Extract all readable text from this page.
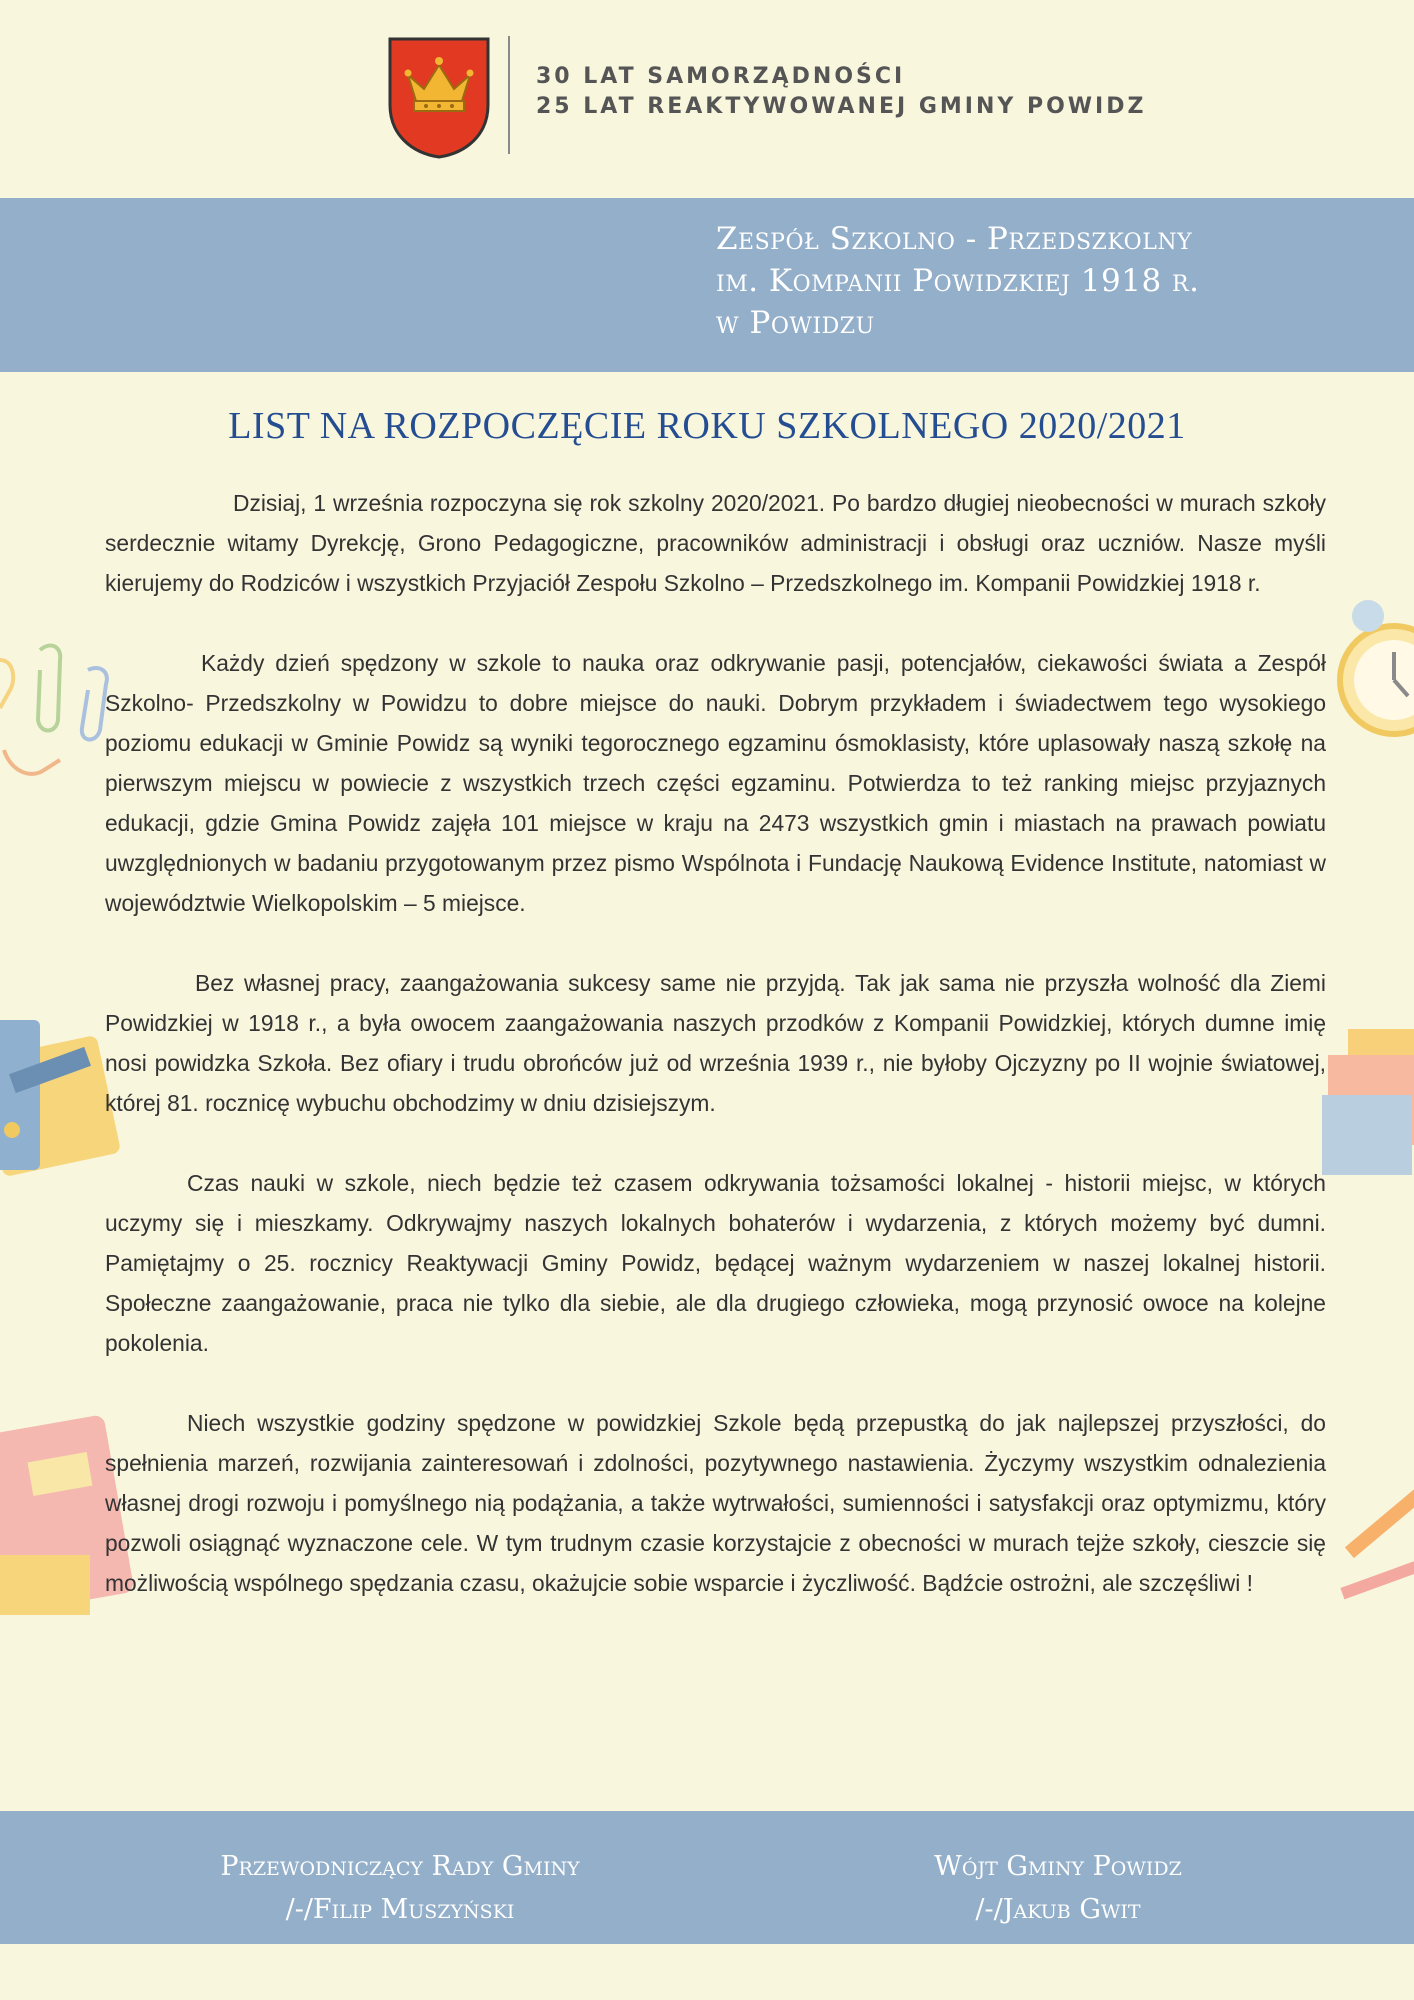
30 LAT SAMORZĄDNOŚCI
25 LAT REAKTYWOWANEJ GMINY POWIDZ
Zespół Szkolno - Przedszkolny
im. Kompanii Powidzkiej 1918 r.
w Powidzu
LIST NA ROZPOCZĘCIE ROKU SZKOLNEGO 2020/2021

Dzisiaj, 1 września rozpoczyna się rok szkolny 2020/2021. Po bardzo długiej nieobecności w murach szkoły serdecznie witamy Dyrekcję, Grono Pedagogiczne, pracowników administracji i obsługi oraz uczniów. Nasze myśli kierujemy do Rodziców i wszystkich Przyjaciół Zespołu Szkolno – Przedszkolnego im. Kompanii Powidzkiej 1918 r.

Każdy dzień spędzony w szkole to nauka oraz odkrywanie pasji, potencjałów, ciekawości świata a Zespół Szkolno- Przedszkolny w Powidzu to dobre miejsce do nauki. Dobrym przykładem i świadectwem tego wysokiego poziomu edukacji w Gminie Powidz są wyniki tegorocznego egzaminu ósmoklasisty, które uplasowały naszą szkołę na pierwszym miejscu w powiecie z wszystkich trzech części egzaminu. Potwierdza to też ranking miejsc przyjaznych edukacji, gdzie Gmina Powidz zajęła 101 miejsce w kraju na 2473 wszystkich gmin i miastach na prawach powiatu uwzględnionych w badaniu przygotowanym przez pismo Wspólnota i Fundację Naukową Evidence Institute, natomiast w województwie Wielkopolskim – 5 miejsce.

Bez własnej pracy, zaangażowania sukcesy same nie przyjdą. Tak jak sama nie przyszła wolność dla Ziemi Powidzkiej w 1918 r., a była owocem zaangażowania naszych przodków z Kompanii Powidzkiej, których dumne imię nosi powidzka Szkoła. Bez ofiary i trudu obrońców już od września 1939 r., nie byłoby Ojczyzny po II wojnie światowej, której 81. rocznicę wybuchu obchodzimy w dniu dzisiejszym.

Czas nauki w szkole, niech będzie też czasem odkrywania tożsamości lokalnej - historii miejsc, w których uczymy się i mieszkamy. Odkrywajmy naszych lokalnych bohaterów i wydarzenia, z których możemy być dumni. Pamiętajmy o 25. rocznicy Reaktywacji Gminy Powidz, będącej ważnym wydarzeniem w naszej lokalnej historii. Społeczne zaangażowanie, praca nie tylko dla siebie, ale dla drugiego człowieka, mogą przynosić owoce na kolejne pokolenia.

Niech wszystkie godziny spędzone w powidzkiej Szkole będą przepustką do jak najlepszej przyszłości, do spełnienia marzeń, rozwijania zainteresowań i zdolności, pozytywnego nastawienia. Życzymy wszystkim odnalezienia własnej drogi rozwoju i pomyślnego nią podążania, a także wytrwałości, sumienności i satysfakcji oraz optymizmu, który pozwoli osiągnąć wyznaczone cele. W tym trudnym czasie korzystajcie z obecności w murach tejże szkoły, cieszcie się możliwością wspólnego spędzania czasu, okażujcie sobie wsparcie i życzliwość. Bądźcie ostrożni, ale szczęśliwi !

Przewodniczący Rady Gminy
/-/Filip Muszyński
Wójt Gminy Powidz
/-/Jakub Gwit
